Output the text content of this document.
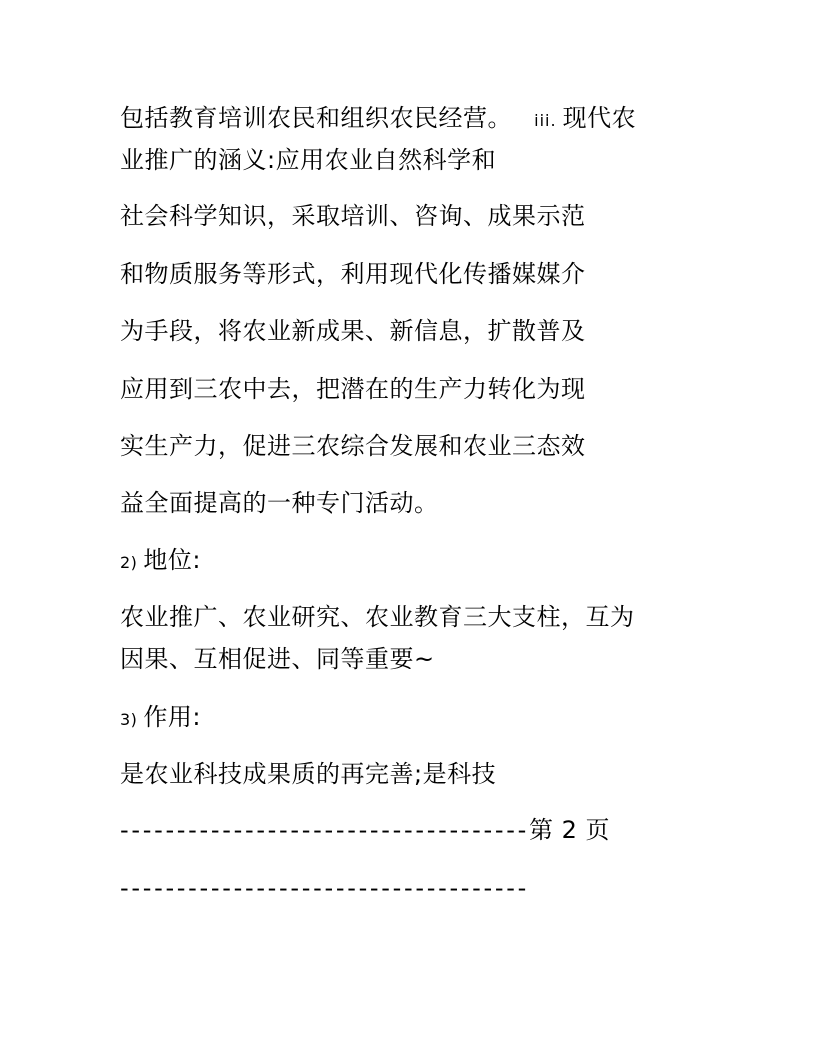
包括教育培训农民和组织农民经营。 iii. 现代农
业推广的涵义:应用农业自然科学和
社会科学知识，采取培训、咨询、成果示范
和物质服务等形式，利用现代化传播媒媒介
为手段，将农业新成果、新信息，扩散普及
应用到三农中去，把潜在的生产力转化为现
实生产力，促进三农综合发展和农业三态效
益全面提高的一种专门活动。
2) 地位:
农业推广、农业研究、农业教育三大支柱，互为
因果、互相促进、同等重要~
3) 作用:
是农业科技成果质的再完善;是科技
------------------------------------第 2 页
------------------------------------
